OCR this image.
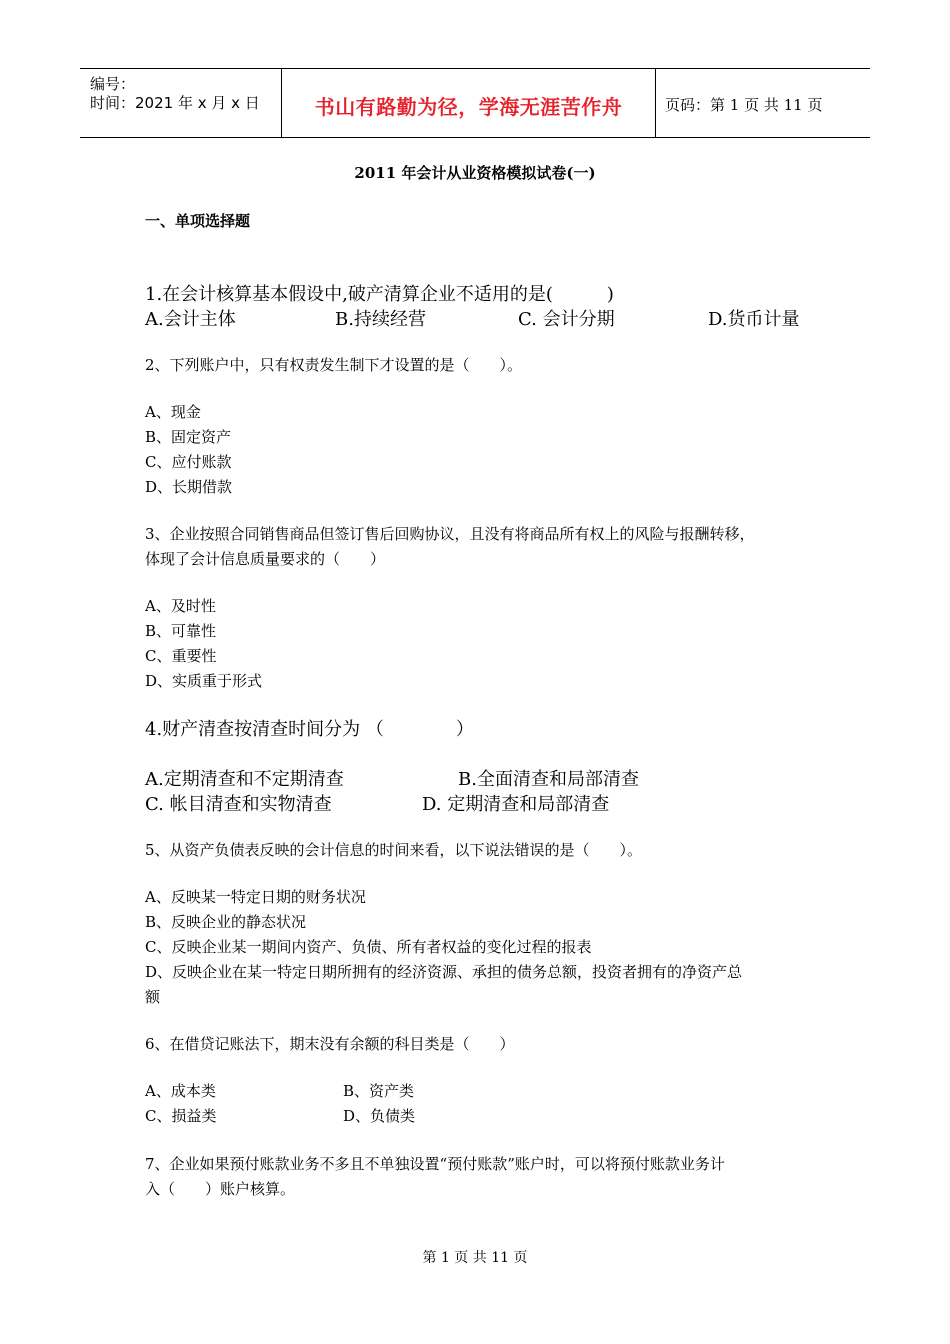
编号：
时间：2021 年 x 月 x 日	书山有路勤为径，学海无涯苦作舟	页码：第 1 页 共 11 页
2011 年会计从业资格模拟试卷(一)
一、单项选择题
1.在会计核算基本假设中,破产清算企业不适用的是(　　　)
A.会计主体	B.持续经营	C. 会计分期	D.货币计量
2、下列账户中，只有权责发生制下才设置的是（　　）。
A、现金
B、固定资产
C、应付账款
D、长期借款
3、企业按照合同销售商品但签订售后回购协议，且没有将商品所有权上的风险与报酬转移，
体现了会计信息质量要求的（　　）
A、及时性
B、可靠性
C、重要性
D、实质重于形式
4.财产清查按清查时间分为 （　　　　）
A.定期清查和不定期清查	B.全面清查和局部清查
C. 帐目清查和实物清查	D. 定期清查和局部清查
5、从资产负债表反映的会计信息的时间来看，以下说法错误的是（　　）。
A、反映某一特定日期的财务状况
B、反映企业的静态状况
C、反映企业某一期间内资产、负债、所有者权益的变化过程的报表
D、反映企业在某一特定日期所拥有的经济资源、承担的债务总额，投资者拥有的净资产总
额
6、在借贷记账法下，期末没有余额的科目类是（　　）
A、成本类	B、资产类
C、损益类	D、负债类
7、企业如果预付账款业务不多且不单独设置“预付账款”账户时，可以将预付账款业务计
入（　　）账户核算。
第 1 页 共 11 页
